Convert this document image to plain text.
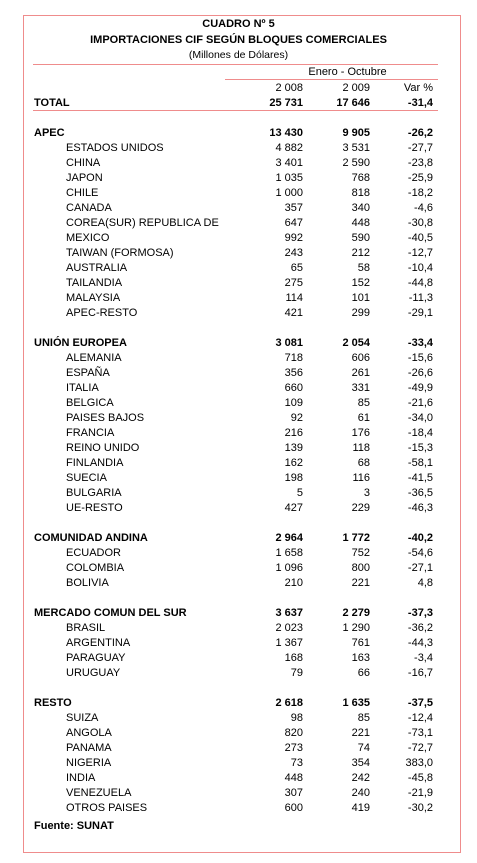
CUADRO Nº 5
IMPORTACIONES CIF SEGÚN BLOQUES COMERCIALES
(Millones de Dólares)
Enero - Octubre
2 008	2 009	Var %
TOTAL	25 731	17 646	-31,4
APEC	13 430	9 905	-26,2
ESTADOS UNIDOS	4 882	3 531	-27,7
CHINA	3 401	2 590	-23,8
JAPON	1 035	768	-25,9
CHILE	1 000	818	-18,2
CANADA	357	340	-4,6
COREA(SUR) REPUBLICA DE	647	448	-30,8
MEXICO	992	590	-40,5
TAIWAN (FORMOSA)	243	212	-12,7
AUSTRALIA	65	58	-10,4
TAILANDIA	275	152	-44,8
MALAYSIA	114	101	-11,3
APEC-RESTO	421	299	-29,1
UNIÓN EUROPEA	3 081	2 054	-33,4
ALEMANIA	718	606	-15,6
ESPAÑA	356	261	-26,6
ITALIA	660	331	-49,9
BELGICA	109	85	-21,6
PAISES BAJOS	92	61	-34,0
FRANCIA	216	176	-18,4
REINO UNIDO	139	118	-15,3
FINLANDIA	162	68	-58,1
SUECIA	198	116	-41,5
BULGARIA	5	3	-36,5
UE-RESTO	427	229	-46,3
COMUNIDAD ANDINA	2 964	1 772	-40,2
ECUADOR	1 658	752	-54,6
COLOMBIA	1 096	800	-27,1
BOLIVIA	210	221	4,8
MERCADO COMUN DEL SUR	3 637	2 279	-37,3
BRASIL	2 023	1 290	-36,2
ARGENTINA	1 367	761	-44,3
PARAGUAY	168	163	-3,4
URUGUAY	79	66	-16,7
RESTO	2 618	1 635	-37,5
SUIZA	98	85	-12,4
ANGOLA	820	221	-73,1
PANAMA	273	74	-72,7
NIGERIA	73	354	383,0
INDIA	448	242	-45,8
VENEZUELA	307	240	-21,9
OTROS PAISES	600	419	-30,2
Fuente: SUNAT
